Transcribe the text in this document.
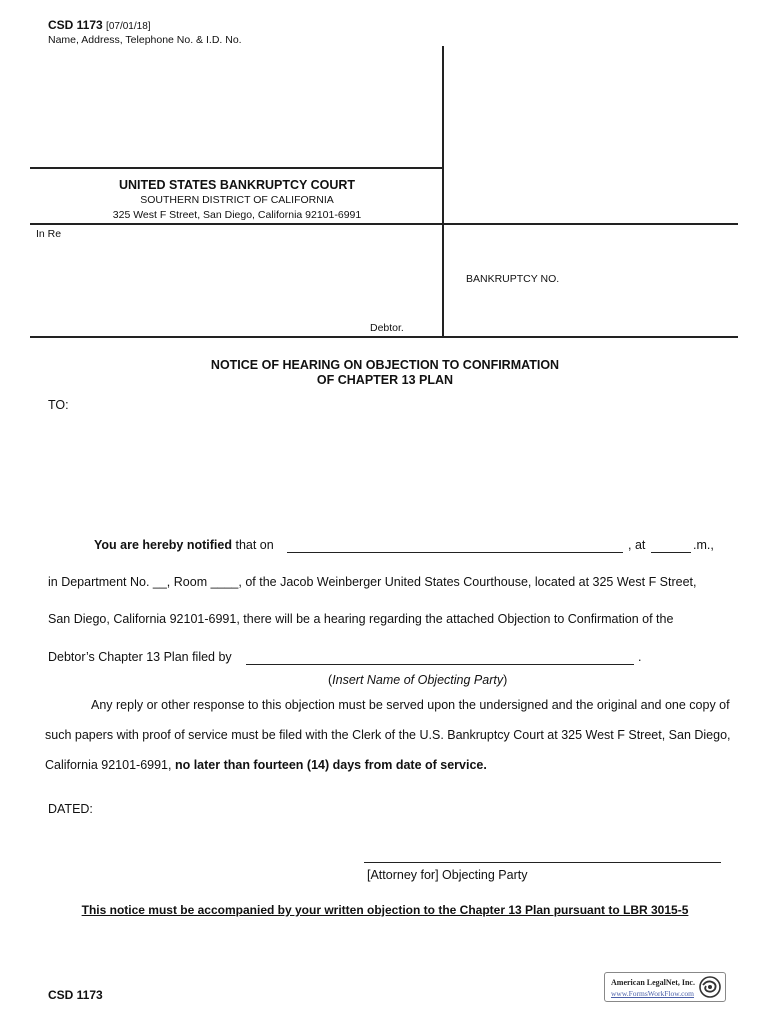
CSD 1173 [07/01/18]
Name, Address, Telephone No. & I.D. No.
UNITED STATES BANKRUPTCY COURT
SOUTHERN DISTRICT OF CALIFORNIA
325 West F Street, San Diego, California 92101-6991
In Re
BANKRUPTCY NO.
Debtor.
NOTICE OF HEARING ON OBJECTION TO CONFIRMATION
OF CHAPTER 13 PLAN
TO:
You are hereby notified that on	, at	.m.,
in Department No. __, Room ____, of the Jacob Weinberger United States Courthouse, located at 325 West F Street,
San Diego, California 92101-6991, there will be a hearing regarding the attached Objection to Confirmation of the
Debtor’s Chapter 13 Plan filed by	.
(Insert Name of Objecting Party)
Any reply or other response to this objection must be served upon the undersigned and the original and one copy of
such papers with proof of service must be filed with the Clerk of the U.S. Bankruptcy Court at 325 West F Street, San Diego,
California 92101-6991, no later than fourteen (14) days from date of service.
DATED:
[Attorney for] Objecting Party
This notice must be accompanied by your written objection to the Chapter 13 Plan pursuant to LBR 3015-5
CSD 1173
American LegalNet, Inc.
www.FormsWorkFlow.com
